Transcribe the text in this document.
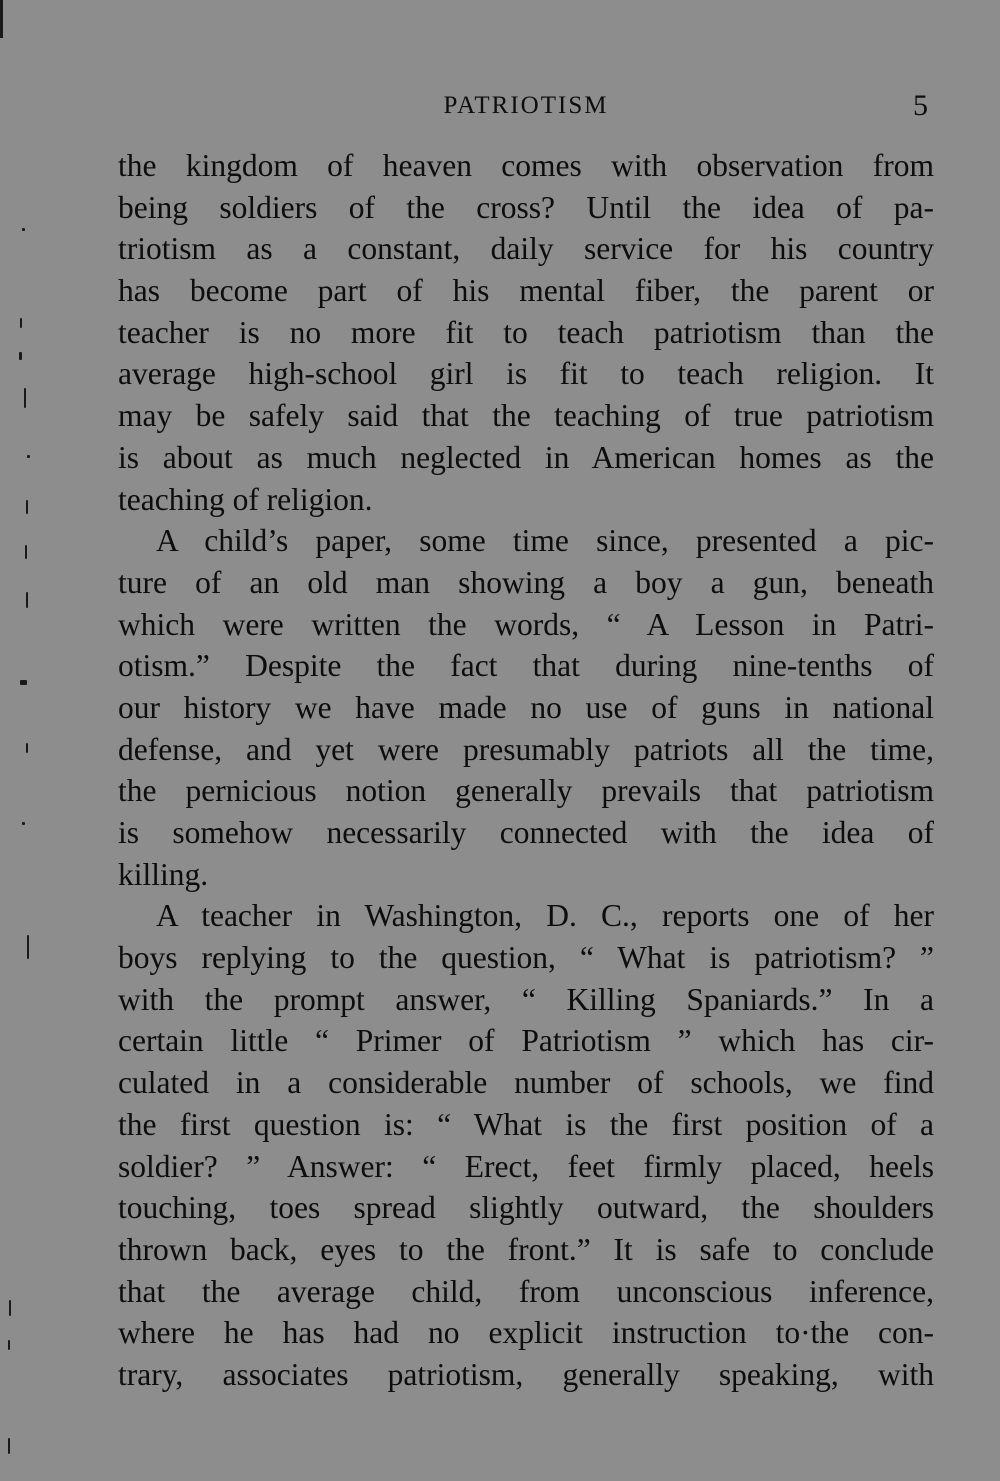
PATRIOTISM	5
the kingdom of heaven comes with observation from
being soldiers of the cross? Until the idea of pa-
triotism as a constant, daily service for his country
has become part of his mental fiber, the parent or
teacher is no more fit to teach patriotism than the
average high-school girl is fit to teach religion. It
may be safely said that the teaching of true patriotism
is about as much neglected in American homes as the
teaching of religion.
A child’s paper, some time since, presented a pic-
ture of an old man showing a boy a gun, beneath
which were written the words, “ A Lesson in Patri-
otism.” Despite the fact that during nine-tenths of
our history we have made no use of guns in national
defense, and yet were presumably patriots all the time,
the pernicious notion generally prevails that patriotism
is somehow necessarily connected with the idea of
killing.
A teacher in Washington, D. C., reports one of her
boys replying to the question, “ What is patriotism? ”
with the prompt answer, “ Killing Spaniards.” In a
certain little “ Primer of Patriotism ” which has cir-
culated in a considerable number of schools, we find
the first question is: “ What is the first position of a
soldier? ” Answer: “ Erect, feet firmly placed, heels
touching, toes spread slightly outward, the shoulders
thrown back, eyes to the front.” It is safe to conclude
that the average child, from unconscious inference,
where he has had no explicit instruction to·the con-
trary, associates patriotism, generally speaking, with
